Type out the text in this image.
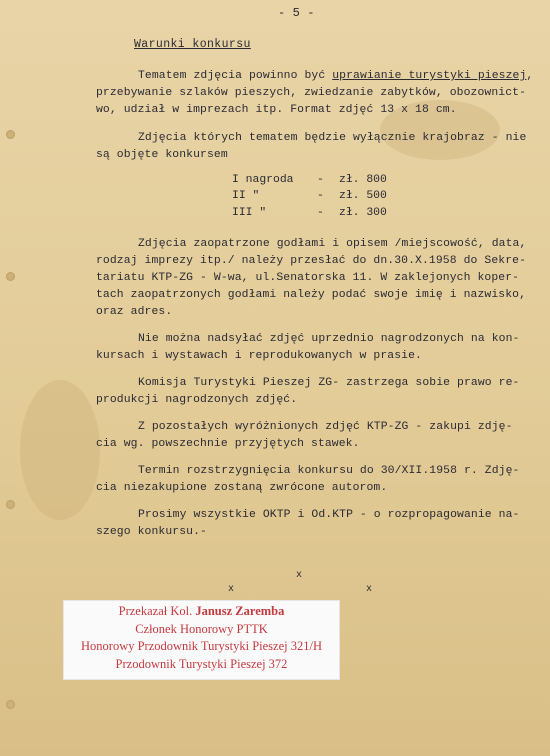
- 5 -
Warunki konkursu
Tematem zdjęcia powinno być uprawianie turystyki pieszej,
przebywanie szlaków pieszych, zwiedzanie zabytków, obozownict-
wo, udział w imprezach itp. Format zdjęć 13 x 18 cm.
Zdjęcia których tematem będzie wyłącznie krajobraz - nie
są objęte konkursem
I nagroda - zł. 800
II "	- zł. 500
III "	- zł. 300
Zdjęcia zaopatrzone godłami i opisem /miejscowość, data,
rodzaj imprezy itp./ należy przesłać do dn.30.X.1958 do Sekre-
tariatu KTP-ZG - W-wa, ul.Senatorska 11. W zaklejonych koper-
tach zaopatrzonych godłami należy podać swoje imię i nazwisko,
oraz adres.
Nie można nadsyłać zdjęć uprzednio nagrodzonych na kon-
kursach i wystawach i reprodukowanych w prasie.
Komisja Turystyki Pieszej ZG- zastrzega sobie prawo re-
produkcji nagrodzonych zdjęć.
Z pozostałych wyróżnionych zdjęć KTP-ZG - zakupi zdję-
cia wg. powszechnie przyjętych stawek.
Termin rozstrzygnięcia konkursu do 30/XII.1958 r. Zdję-
cia niezakupione zostaną zwrócone autorom.
Prosimy wszystkie OKTP i Od.KTP - o rozpropagowanie na-
szego konkursu.-
x
x	x
Przekazał Kol. Janusz Zaremba
Członek Honorowy PTTK
Honorowy Przodownik Turystyki Pieszej 321/H
Przodownik Turystyki Pieszej 372
